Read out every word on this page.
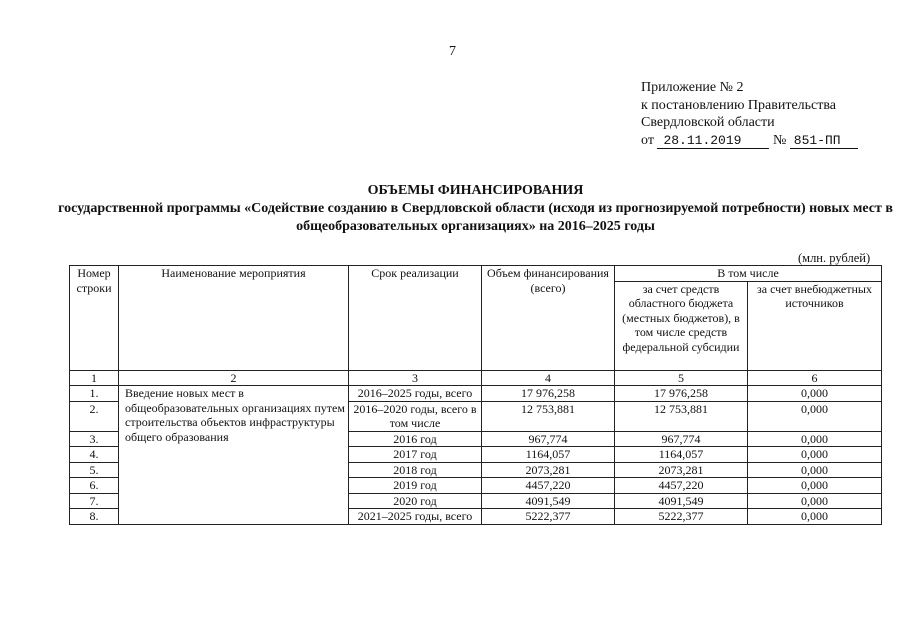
7
Приложение № 2
к постановлению Правительства
Свердловской области
от 28.11.2019 № 851-ПП
ОБЪЕМЫ ФИНАНСИРОВАНИЯ
государственной программы «Содействие созданию в Свердловской области (исходя из прогнозируемой потребности) новых мест в общеобразовательных организациях» на 2016–2025 годы
(млн. рублей)
Номер строки	Наименование мероприятия	Срок реализации	Объем финансирования (всего)	В том числе	
				за счет средств областного бюджета (местных бюджетов), в том числе средств федеральной субсидии	за счет внебюджетных источников
1	2	3	4	5	6
1.	Введение новых мест в общеобразовательных организациях путем строительства объектов инфраструктуры общего образования	2016–2025 годы, всего	17 976,258	17 976,258	0,000
2.		2016–2020 годы, всего в том числе	12 753,881	12 753,881	0,000
3.		2016 год	967,774	967,774	0,000
4.		2017 год	1164,057	1164,057	0,000
5.		2018 год	2073,281	2073,281	0,000
6.		2019 год	4457,220	4457,220	0,000
7.		2020 год	4091,549	4091,549	0,000
8.		2021–2025 годы, всего	5222,377	5222,377	0,000
